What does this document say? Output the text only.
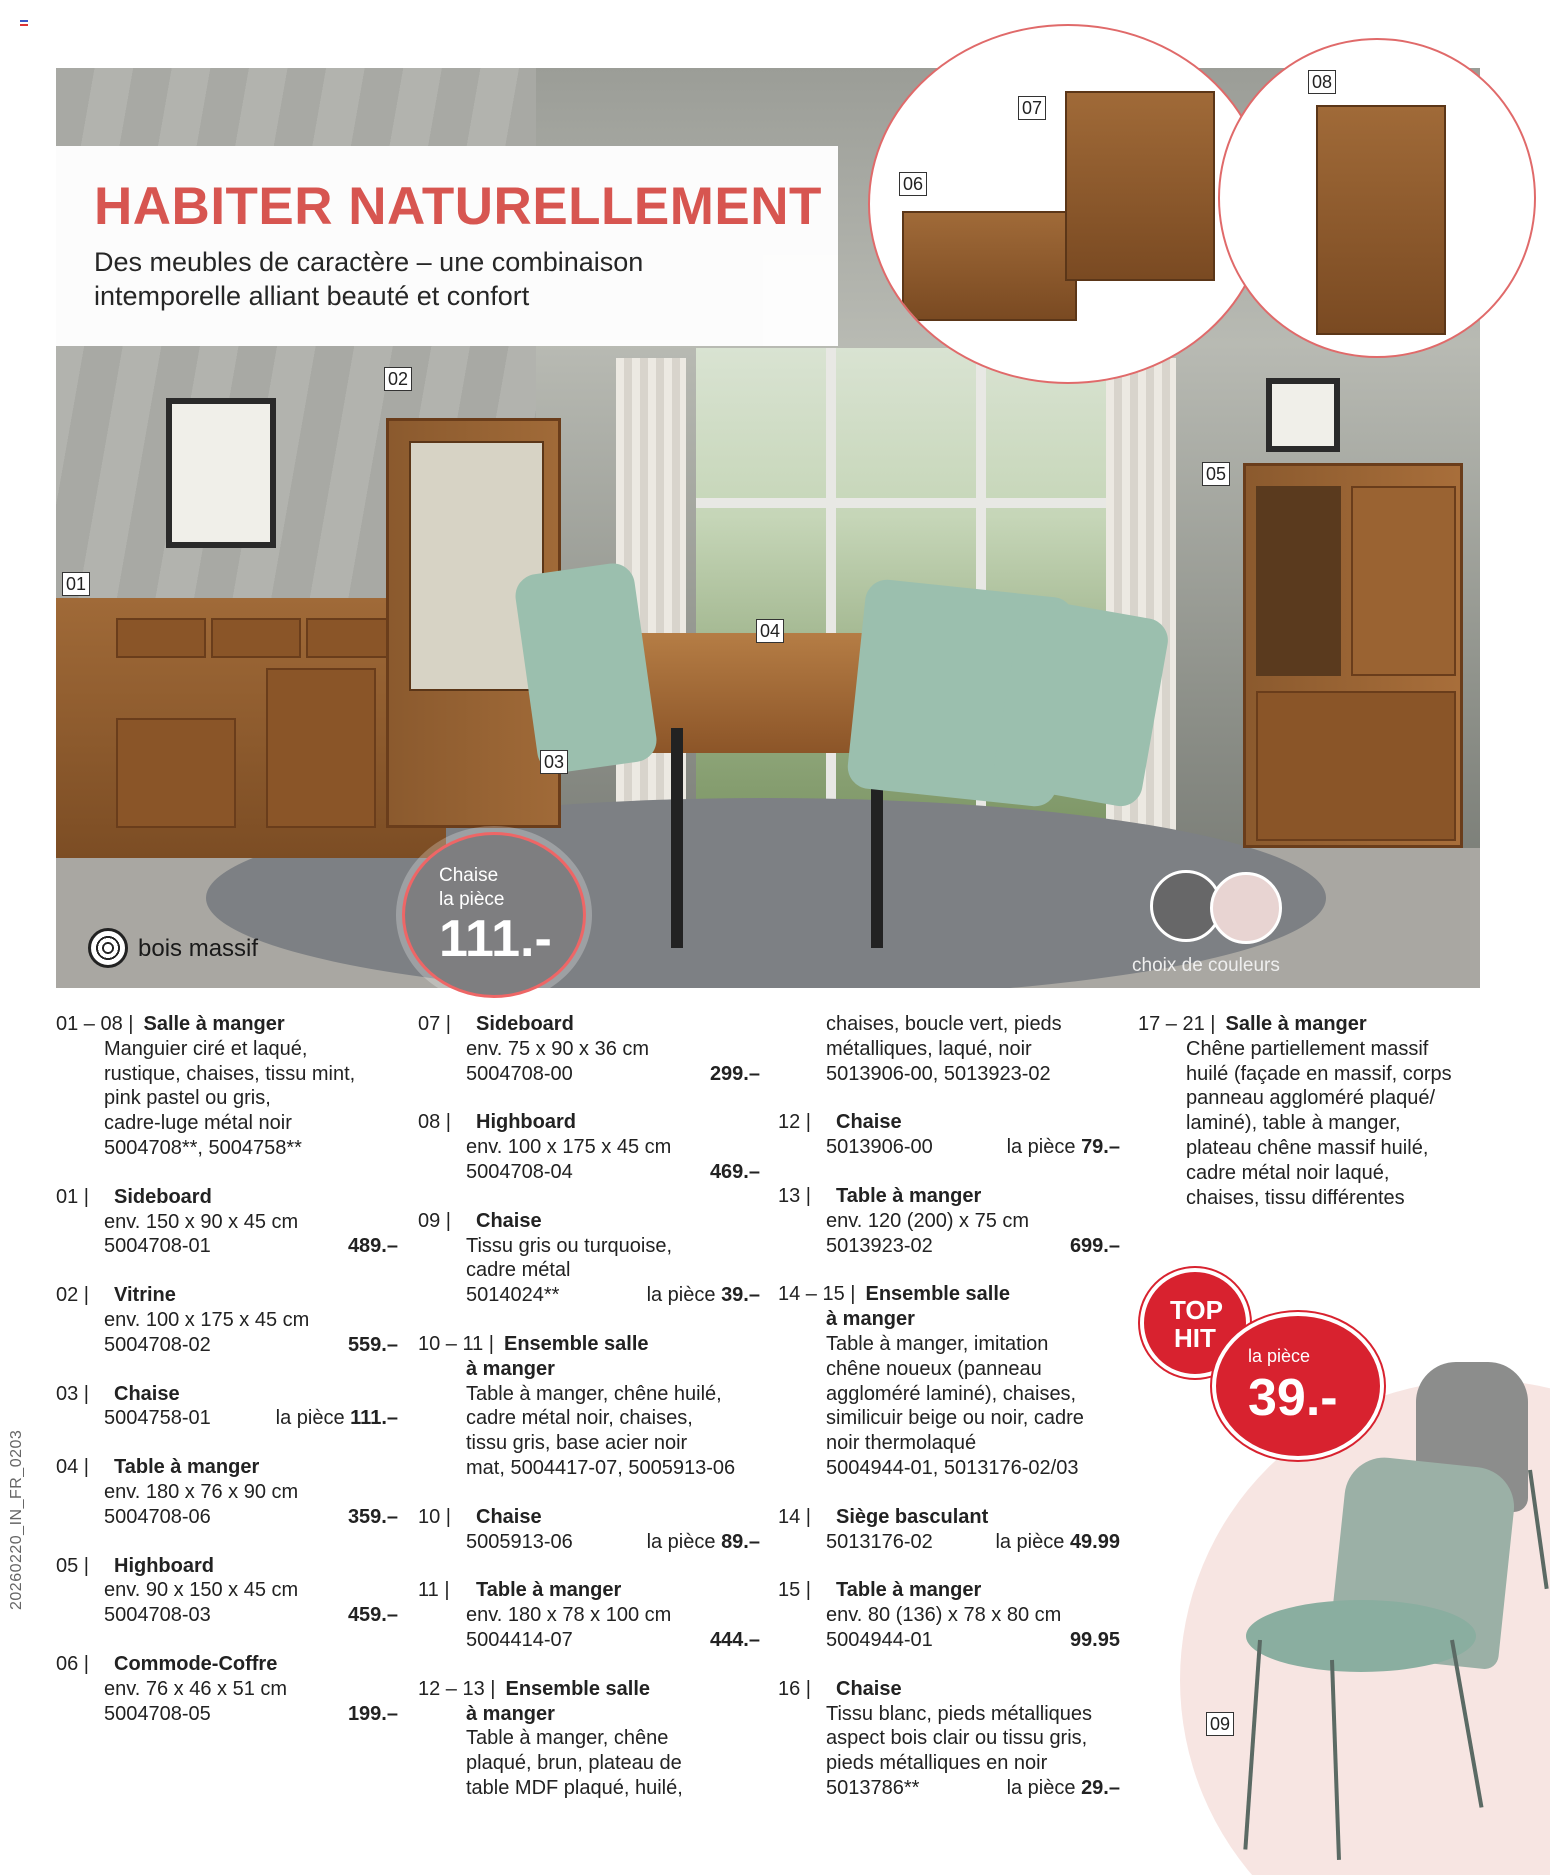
HABITER NATURELLEMENT
Des meubles de caractère – une combinaison
intemporelle alliant beauté et confort
01
02
03
04
05
06
07
08
Chaise
la pièce
111.-
bois massif
choix de couleurs
20260220_IN_FR_0203
TOP
HIT
la pièce
39.-
09
01 – 08 | Salle à manger
Manguier ciré et laqué,
rustique, chaises, tissu mint,
pink pastel ou gris,
cadre-luge métal noir
5004708**, 5004758**
01 |	Sideboard
env. 150 x 90 x 45 cm
5004708-01	489.–
02 |	Vitrine
env. 100 x 175 x 45 cm
5004708-02	559.–
03 |	Chaise
5004758-01	la pièce 111.–
04 |	Table à manger
env. 180 x 76 x 90 cm
5004708-06	359.–
05 |	Highboard
env. 90 x 150 x 45 cm
5004708-03	459.–
06 |	Commode-Coffre
env. 76 x 46 x 51 cm
5004708-05	199.–
07 |	Sideboard
env. 75 x 90 x 36 cm
5004708-00	299.–
08 |	Highboard
env. 100 x 175 x 45 cm
5004708-04	469.–
09 |	Chaise
Tissu gris ou turquoise,
cadre métal
5014024**	la pièce 39.–
10 – 11 | Ensemble salle
à manger
Table à manger, chêne huilé,
cadre métal noir, chaises,
tissu gris, base acier noir
mat, 5004417-07, 5005913-06
10 |	Chaise
5005913-06	la pièce 89.–
11 |	Table à manger
env. 180 x 78 x 100 cm
5004414-07	444.–
12 – 13 | Ensemble salle
à manger
Table à manger, chêne
plaqué, brun, plateau de
table MDF plaqué, huilé,
chaises, boucle vert, pieds
métalliques, laqué, noir
5013906-00, 5013923-02
12 |	Chaise
5013906-00	la pièce 79.–
13 |	Table à manger
env. 120 (200) x 75 cm
5013923-02	699.–
14 – 15 | Ensemble salle
à manger
Table à manger, imitation
chêne noueux (panneau
aggloméré laminé), chaises,
similicuir beige ou noir, cadre
noir thermolaqué
5004944-01, 5013176-02/03
14 |	Siège basculant
5013176-02	la pièce 49.99
15 |	Table à manger
env. 80 (136) x 78 x 80 cm
5004944-01	99.95
16 |	Chaise
Tissu blanc, pieds métalliques
aspect bois clair ou tissu gris,
pieds métalliques en noir
5013786**	la pièce 29.–
17 – 21 | Salle à manger
Chêne partiellement massif
huilé (façade en massif, corps
panneau aggloméré plaqué/
laminé), table à manger,
plateau chêne massif huilé,
cadre métal noir laqué,
chaises, tissu différentes
